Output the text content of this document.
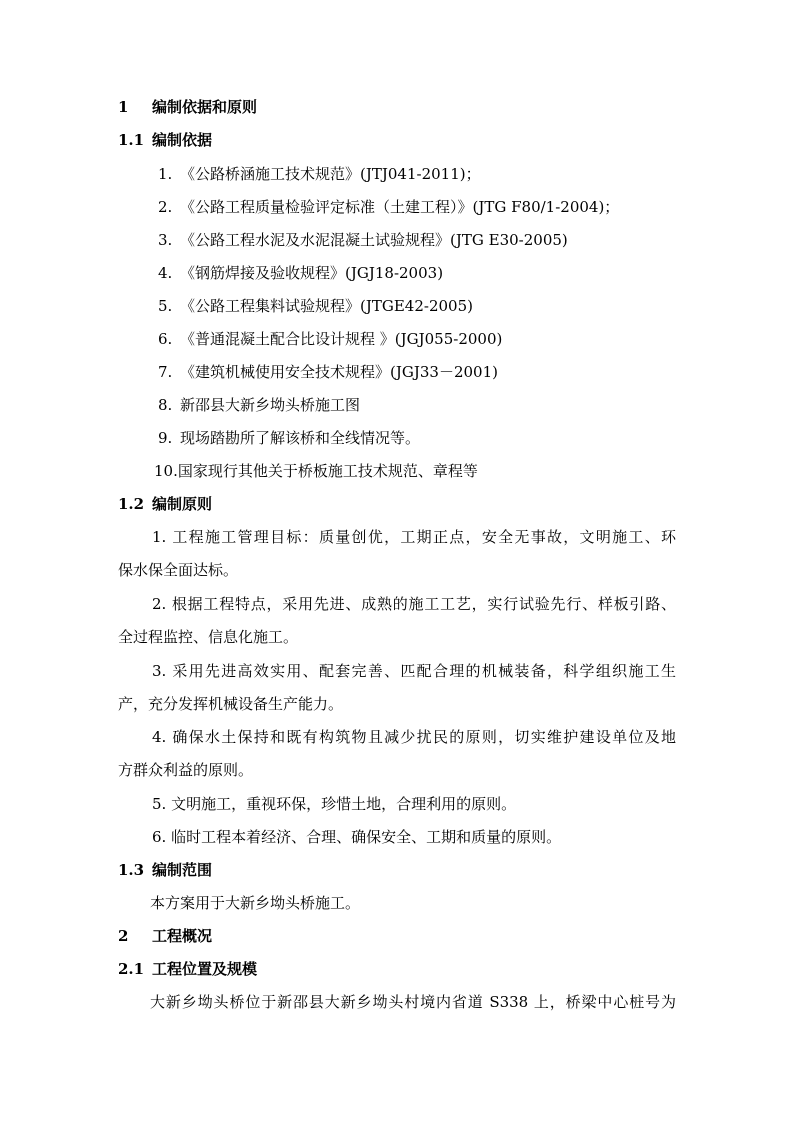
1 编制依据和原则
1.1 编制依据
1. 《公路桥涵施工技术规范》(JTJ041-2011)；
2. 《公路工程质量检验评定标准（土建工程）》(JTG F80/1-2004)；
3. 《公路工程水泥及水泥混凝土试验规程》(JTG E30-2005)
4. 《钢筋焊接及验收规程》(JGJ18-2003)
5. 《公路工程集料试验规程》(JTGE42-2005)
6. 《普通混凝土配合比设计规程 》(JGJ055-2000)
7. 《建筑机械使用安全技术规程》(JGJ33－2001)
8. 新邵县大新乡坳头桥施工图
9. 现场踏勘所了解该桥和全线情况等。
10.国家现行其他关于桥板施工技术规范、章程等
1.2 编制原则
1. 工程施工管理目标：质量创优，工期正点，安全无事故，文明施工、环
保水保全面达标。
2. 根据工程特点，采用先进、成熟的施工工艺，实行试验先行、样板引路、
全过程监控、信息化施工。
3. 采用先进高效实用、配套完善、匹配合理的机械装备，科学组织施工生
产，充分发挥机械设备生产能力。
4. 确保水土保持和既有构筑物且减少扰民的原则，切实维护建设单位及地
方群众利益的原则。
5. 文明施工，重视环保，珍惜土地，合理利用的原则。
6. 临时工程本着经济、合理、确保安全、工期和质量的原则。
1.3 编制范围
本方案用于大新乡坳头桥施工。
2 工程概况
2.1 工程位置及规模
大新乡坳头桥位于新邵县大新乡坳头村境内省道 S338 上，桥梁中心桩号为
